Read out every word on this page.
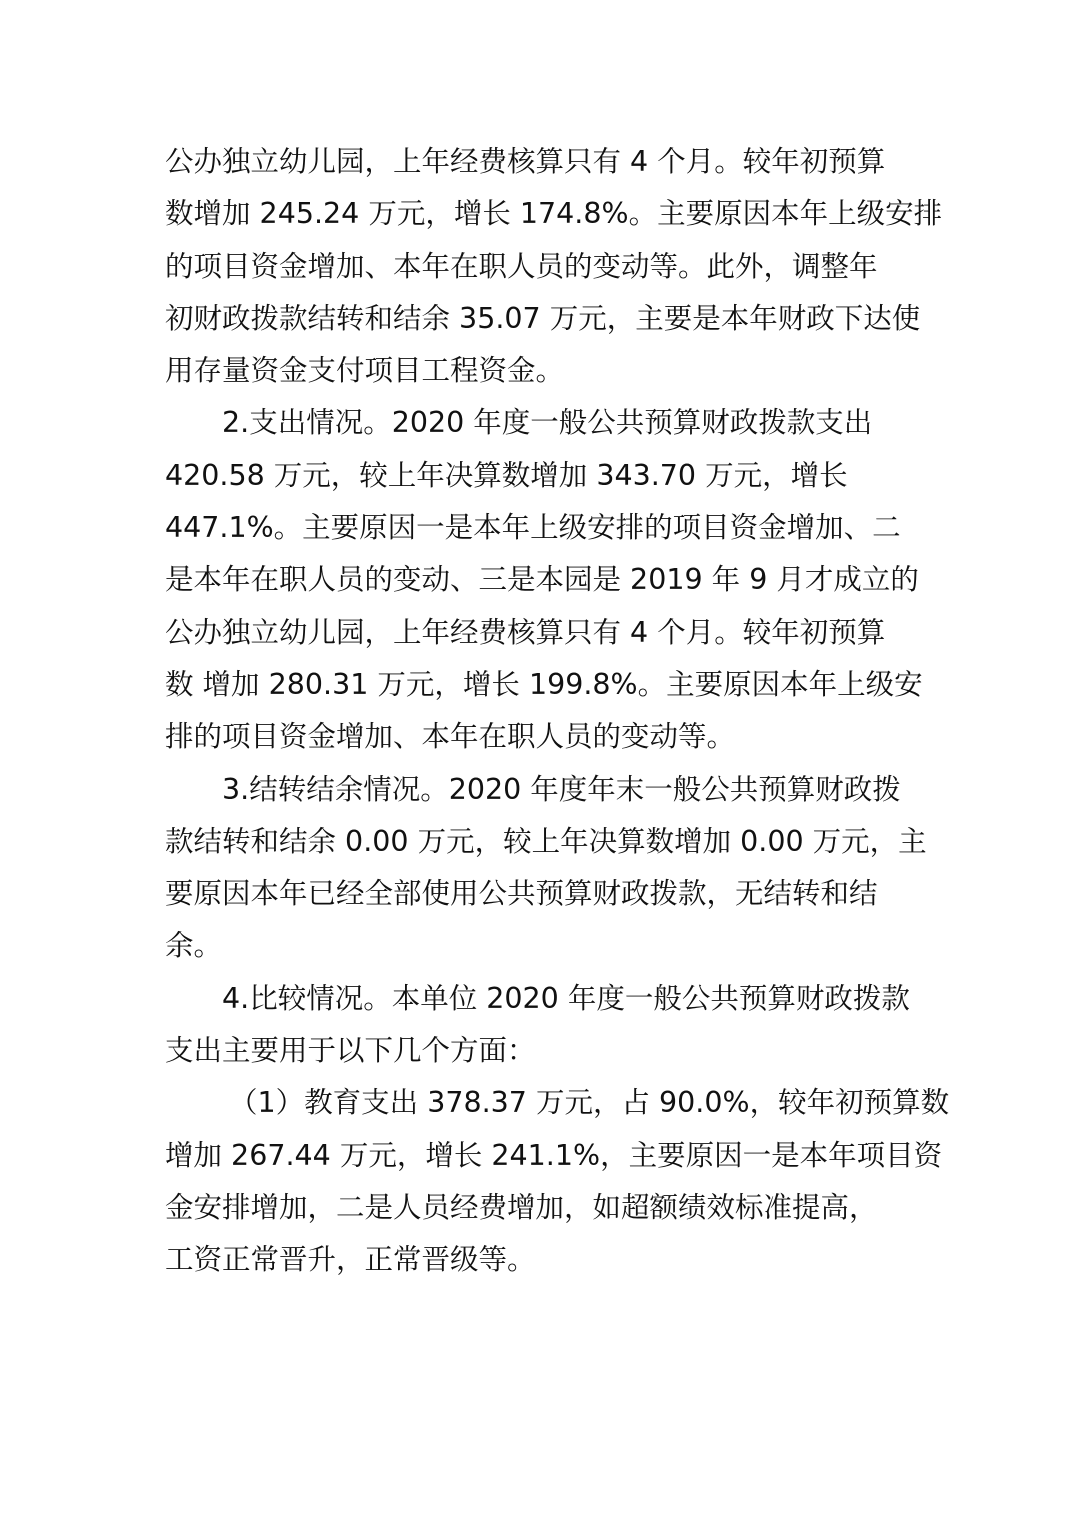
公办独立幼儿园，上年经费核算只有 4 个月。较年初预算
数增加 245.24 万元，增长 174.8%。主要原因本年上级安排
的项目资金增加、本年在职人员的变动等。此外，调整年
初财政拨款结转和结余 35.07 万元，主要是本年财政下达使
用存量资金支付项目工程资金。
2.支出情况。2020 年度一般公共预算财政拨款支出
420.58 万元，较上年决算数增加 343.70 万元，增长
447.1%。主要原因一是本年上级安排的项目资金增加、二
是本年在职人员的变动、三是本园是 2019 年 9 月才成立的
公办独立幼儿园，上年经费核算只有 4 个月。较年初预算
数 增加 280.31 万元，增长 199.8%。主要原因本年上级安
排的项目资金增加、本年在职人员的变动等。
3.结转结余情况。2020 年度年末一般公共预算财政拨
款结转和结余 0.00 万元，较上年决算数增加 0.00 万元，主
要原因本年已经全部使用公共预算财政拨款，无结转和结
余。
4.比较情况。本单位 2020 年度一般公共预算财政拨款
支出主要用于以下几个方面：
（1）教育支出 378.37 万元，占 90.0%，较年初预算数
增加 267.44 万元，增长 241.1%，主要原因一是本年项目资
金安排增加，二是人员经费增加，如超额绩效标准提高，
工资正常晋升，正常晋级等。
